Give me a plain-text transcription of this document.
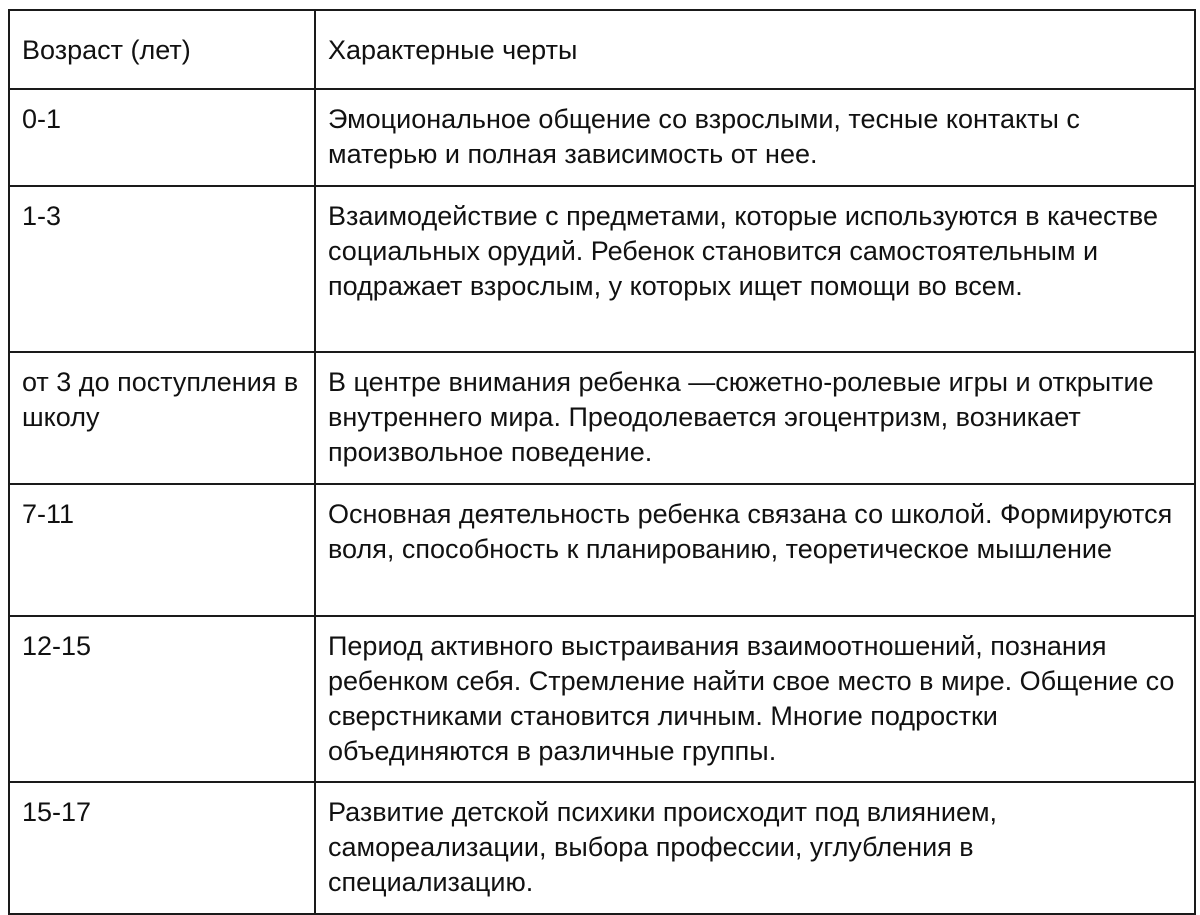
Возраст (лет)	Характерные черты
0-1	Эмоциональное общение со взрослыми, тесные контакты с матерью и полная зависимость от нее.
1-3	Взаимодействие с предметами, которые используются в качестве социальных орудий. Ребенок становится самостоятельным и подражает взрослым, у которых ищет помощи во всем.
от 3 до поступления в школу	В центре внимания ребенка —сюжетно-ролевые игры и открытие внутреннего мира. Преодолевается эгоцентризм, возникает произвольное поведение.
7-11	Основная деятельность ребенка связана со школой. Формируются воля, способность к планированию, теоретическое мышление
12-15	Период активного выстраивания взаимоотношений, познания ребенком себя. Стремление найти свое место в мире. Общение со сверстниками становится личным. Многие подростки объединяются в различные группы.
15-17	Развитие детской психики происходит под влиянием, самореализации, выбора профессии, углубления в специализацию.
